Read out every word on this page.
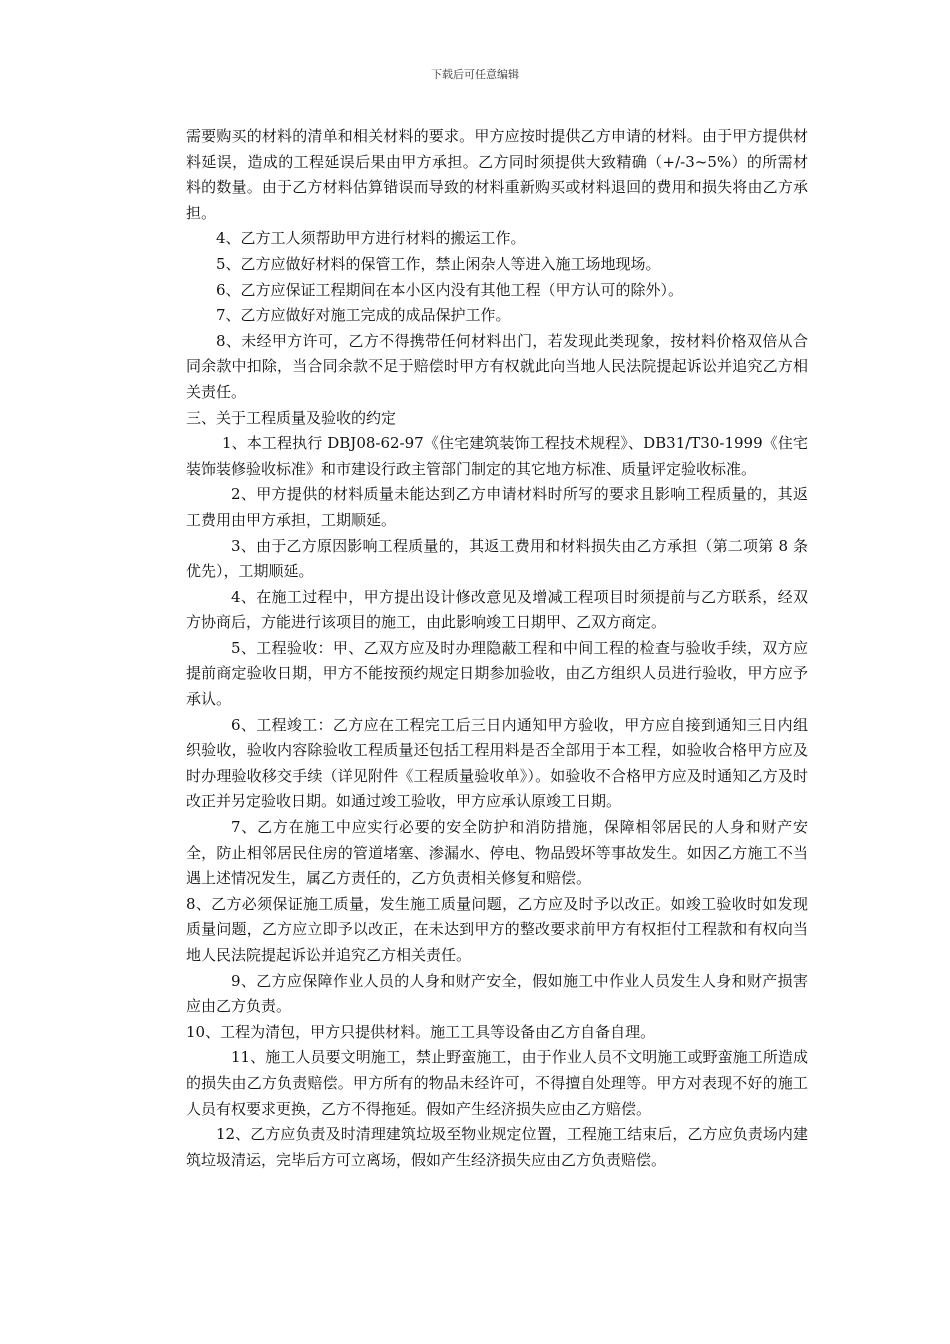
下载后可任意编辑

需要购买的材料的清单和相关材料的要求。甲方应按时提供乙方申请的材料。由于甲方提供材料延误，造成的工程延误后果由甲方承担。乙方同时须提供大致精确（+/-3~5%）的所需材料的数量。由于乙方材料估算错误而导致的材料重新购买或材料退回的费用和损失将由乙方承担。

4、乙方工人须帮助甲方进行材料的搬运工作。

5、乙方应做好材料的保管工作，禁止闲杂人等进入施工场地现场。

6、乙方应保证工程期间在本小区内没有其他工程（甲方认可的除外）。

7、乙方应做好对施工完成的成品保护工作。

8、未经甲方许可，乙方不得携带任何材料出门，若发现此类现象，按材料价格双倍从合同余款中扣除，当合同余款不足于赔偿时甲方有权就此向当地人民法院提起诉讼并追究乙方相关责任。

三、关于工程质量及验收的约定

1、本工程执行 DBJ08-62-97《住宅建筑装饰工程技术规程》、DB31/T30-1999《住宅装饰装修验收标准》和市建设行政主管部门制定的其它地方标准、质量评定验收标准。

2、甲方提供的材料质量未能达到乙方申请材料时所写的要求且影响工程质量的，其返工费用由甲方承担，工期顺延。

3、由于乙方原因影响工程质量的，其返工费用和材料损失由乙方承担（第二项第 8 条优先），工期顺延。

4、在施工过程中，甲方提出设计修改意见及增减工程项目时须提前与乙方联系，经双方协商后，方能进行该项目的施工，由此影响竣工日期甲、乙双方商定。

5、工程验收：甲、乙双方应及时办理隐蔽工程和中间工程的检查与验收手续，双方应提前商定验收日期，甲方不能按预约规定日期参加验收，由乙方组织人员进行验收，甲方应予承认。

6、工程竣工：乙方应在工程完工后三日内通知甲方验收，甲方应自接到通知三日内组织验收，验收内容除验收工程质量还包括工程用料是否全部用于本工程，如验收合格甲方应及时办理验收移交手续（详见附件《工程质量验收单》）。如验收不合格甲方应及时通知乙方及时改正并另定验收日期。如通过竣工验收，甲方应承认原竣工日期。

7、乙方在施工中应实行必要的安全防护和消防措施，保障相邻居民的人身和财产安全，防止相邻居民住房的管道堵塞、渗漏水、停电、物品毁坏等事故发生。如因乙方施工不当遇上述情况发生，属乙方责任的，乙方负责相关修复和赔偿。

8、乙方必须保证施工质量，发生施工质量问题，乙方应及时予以改正。如竣工验收时如发现质量问题，乙方应立即予以改正，在未达到甲方的整改要求前甲方有权拒付工程款和有权向当地人民法院提起诉讼并追究乙方相关责任。

9、乙方应保障作业人员的人身和财产安全，假如施工中作业人员发生人身和财产损害应由乙方负责。

10、工程为清包，甲方只提供材料。施工工具等设备由乙方自备自理。

11、施工人员要文明施工，禁止野蛮施工，由于作业人员不文明施工或野蛮施工所造成的损失由乙方负责赔偿。甲方所有的物品未经许可，不得擅自处理等。甲方对表现不好的施工人员有权要求更换，乙方不得拖延。假如产生经济损失应由乙方赔偿。

12、乙方应负责及时清理建筑垃圾至物业规定位置，工程施工结束后，乙方应负责场内建筑垃圾清运，完毕后方可立离场，假如产生经济损失应由乙方负责赔偿。
